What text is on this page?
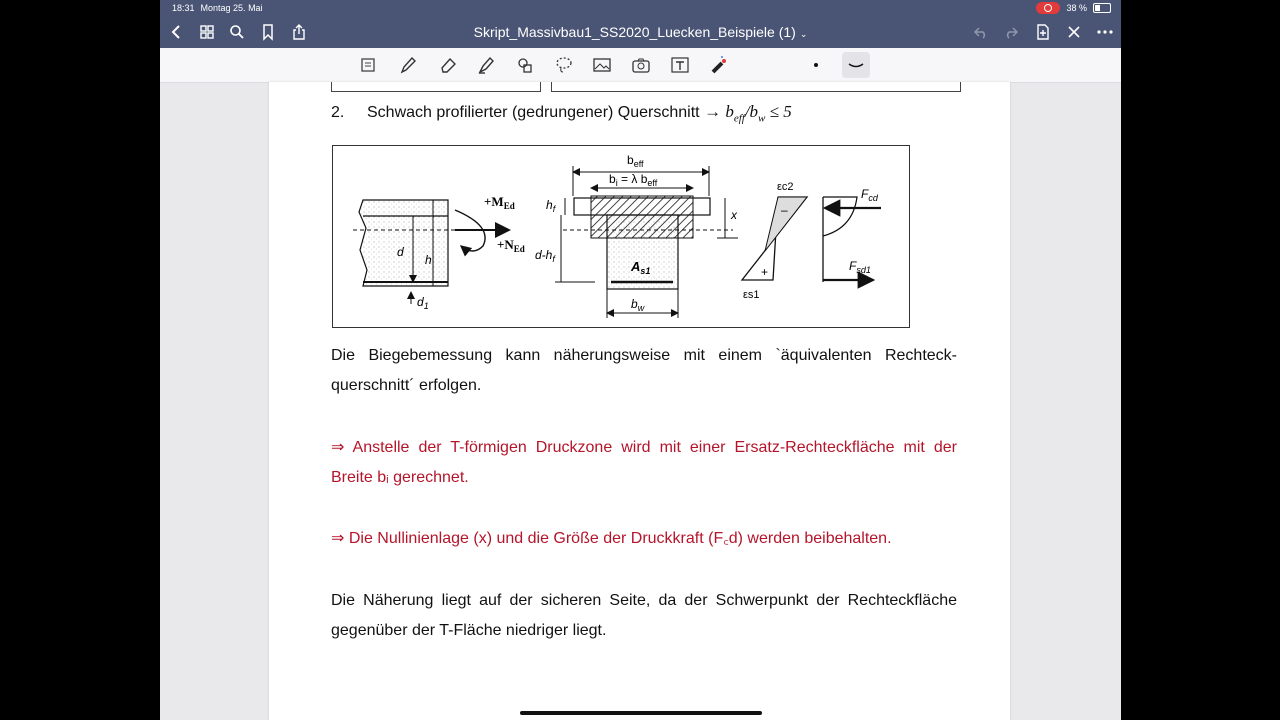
18:31 Montag 25. Mai	38 %
Skript_Massivbau1_SS2020_Luecken_Beispiele (1) ⌄
2. Schwach profilierter (gedrungener) Querschnitt → $b_{eff}/b_w \le 5$
d
h
$d_1$
$+M_{Ed}$
$+N_{Ed}$
$A_{s1}$
$b_{eff}$
$b_i = \lambda$ $b_{eff}$
$h_f$
$d-h_f$
x
$b_w$
εc2
–
+
εs1
$F_{cd}$
$F_{sd1}$
Die Biegebemessung kann näherungsweise mit einem `äquivalenten Rechteck-querschnitt´ erfolgen.
⇒ Anstelle der T-förmigen Druckzone wird mit einer Ersatz-Rechteckfläche mit der Breite bᵢ gerechnet.
⇒ Die Nullinienlage (x) und die Größe der Druckkraft (F꜀d) werden beibehalten.
Die Näherung liegt auf der sicheren Seite, da der Schwerpunkt der Rechteckfläche gegenüber der T-Fläche niedriger liegt.
